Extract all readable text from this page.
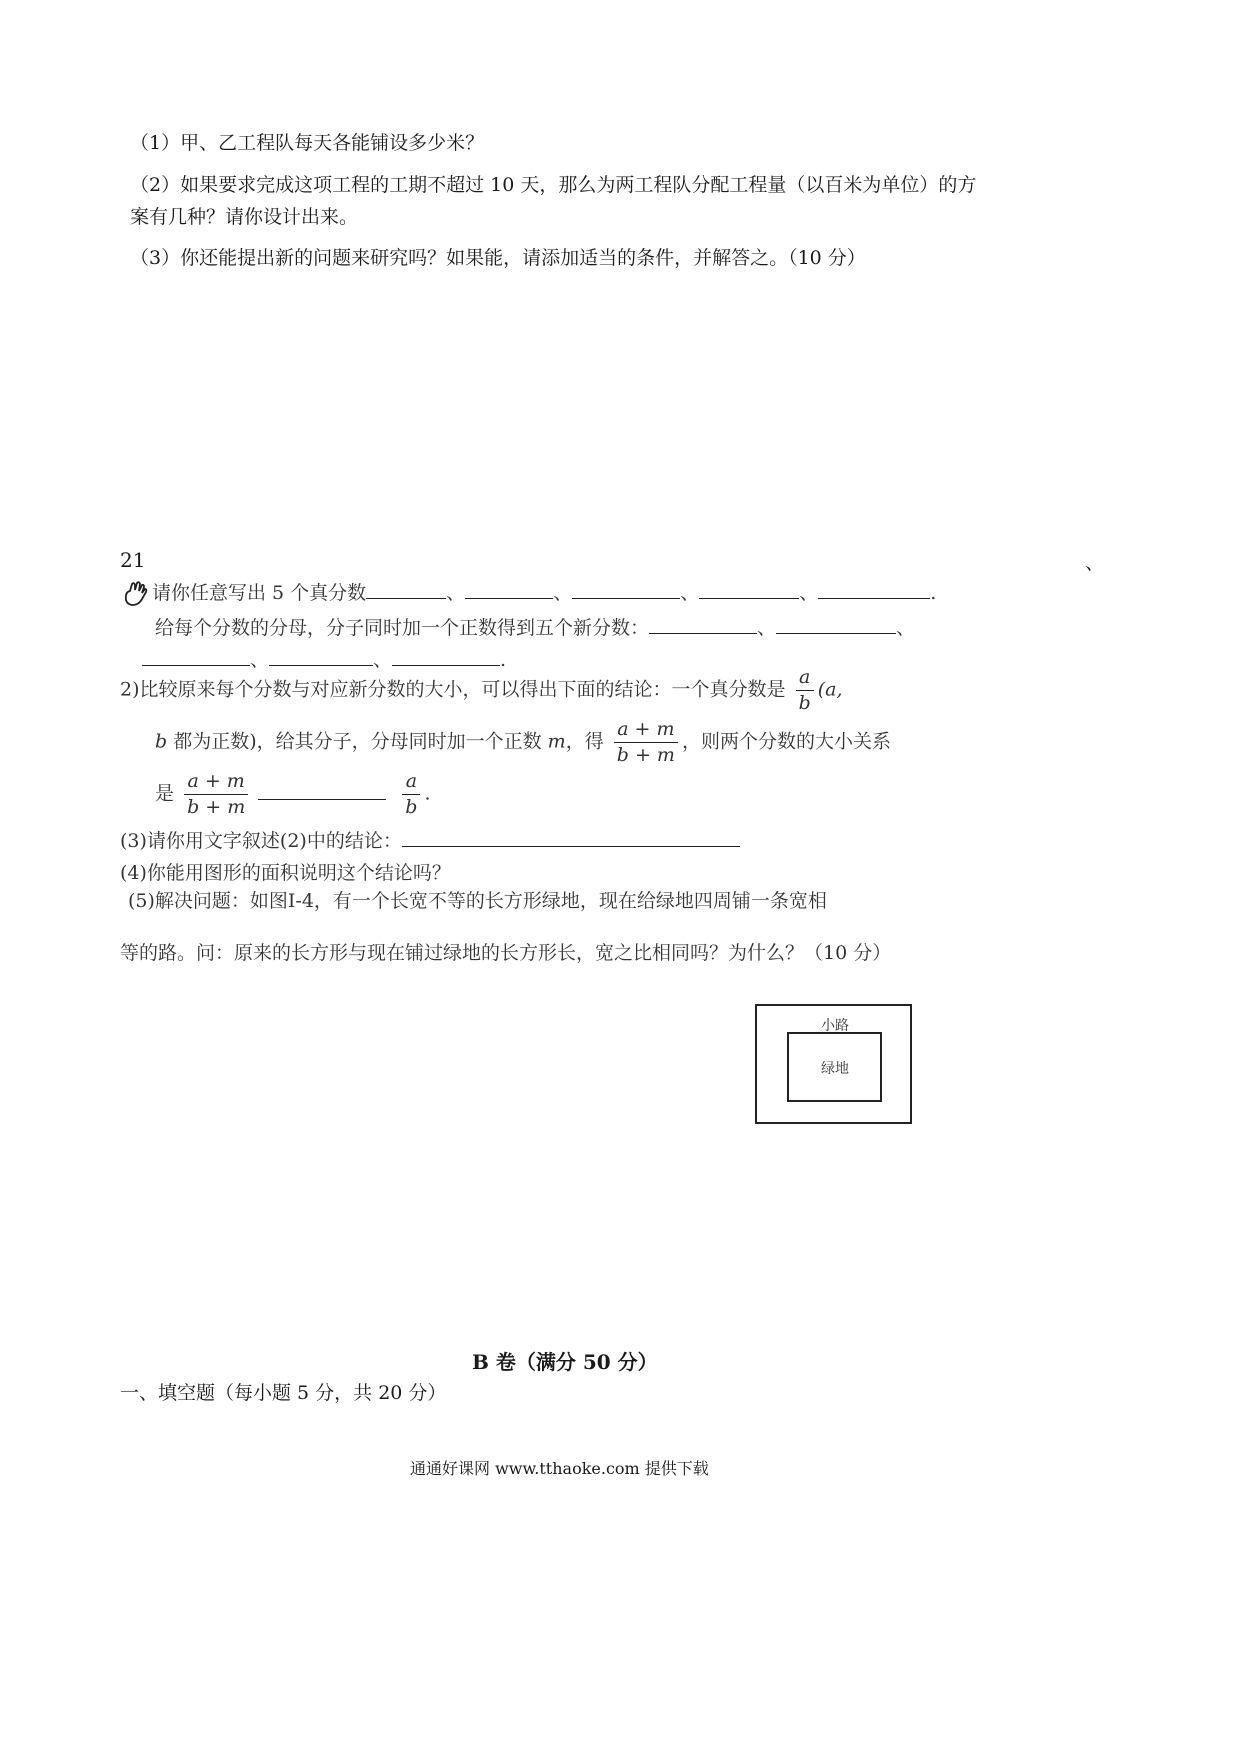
（1）甲、乙工程队每天各能铺设多少米？
（2）如果要求完成这项工程的工期不超过 10 天，那么为两工程队分配工程量（以百米为单位）的方
案有几种？请你设计出来。
（3）你还能提出新的问题来研究吗？如果能，请添加适当的条件，并解答之。（10 分）
21	、
请你任意写出 5 个真分数	、	、	、	、	.
给每个分数的分母，分子同时加一个正数得到五个新分数：	、	、
、	、	.
2)比较原来每个分数与对应新分数的大小，可以得出下面的结论：一个真分数是 $\frac{a}{b} (a$,
b 都为正数)，给其分子，分母同时加一个正数 m，得 $\frac{a + m}{b + m}$ ，则两个分数的大小关系
是 $\frac{a + m}{b + m}$
	$\frac{a}{b}$ .
(3)请你用文字叙述(2)中的结论：
(4)你能用图形的面积说明这个结论吗？
(5)解决问题：如图Ⅰ-4，有一个长宽不等的长方形绿地，现在给绿地四周铺一条宽相
等的路。问：原来的长方形与现在铺过绿地的长方形长，宽之比相同吗？为什么？（10 分）
小路
绿地
B 卷（满分 50 分）
一、填空题（每小题 5 分，共 20 分）
通通好课网 www.tthaoke.com 提供下载
